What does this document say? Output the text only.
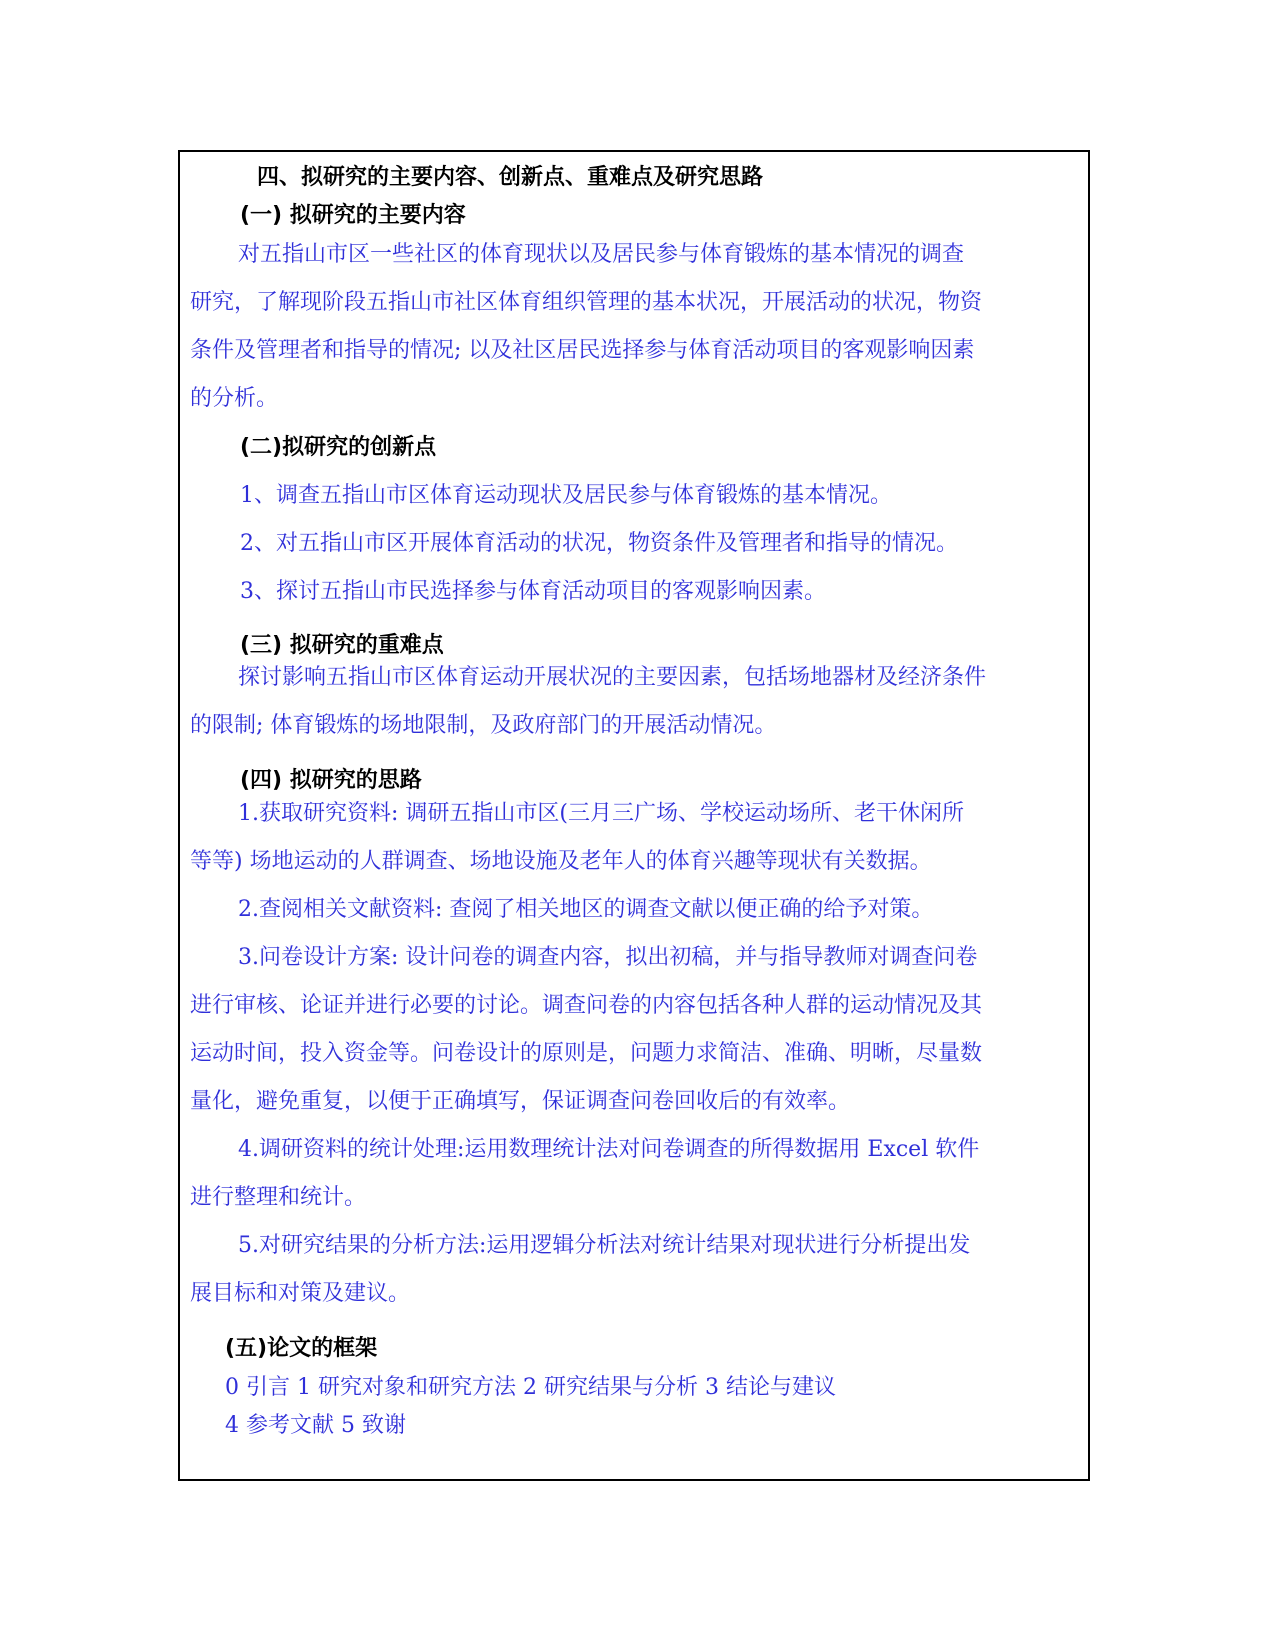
四、拟研究的主要内容、创新点、重难点及研究思路
(一) 拟研究的主要内容
对五指山市区一些社区的体育现状以及居民参与体育锻炼的基本情况的调查
研究，了解现阶段五指山市社区体育组织管理的基本状况，开展活动的状况，物资
条件及管理者和指导的情况; 以及社区居民选择参与体育活动项目的客观影响因素
的分析。
(二)拟研究的创新点
1、调查五指山市区体育运动现状及居民参与体育锻炼的基本情况。
2、对五指山市区开展体育活动的状况，物资条件及管理者和指导的情况。
3、探讨五指山市民选择参与体育活动项目的客观影响因素。
(三) 拟研究的重难点
探讨影响五指山市区体育运动开展状况的主要因素，包括场地器材及经济条件
的限制; 体育锻炼的场地限制，及政府部门的开展活动情况。
(四) 拟研究的思路
1.获取研究资料: 调研五指山市区(三月三广场、学校运动场所、老干休闲所
等等) 场地运动的人群调查、场地设施及老年人的体育兴趣等现状有关数据。
2.查阅相关文献资料: 查阅了相关地区的调查文献以便正确的给予对策。
3.问卷设计方案: 设计问卷的调查内容，拟出初稿，并与指导教师对调查问卷
进行审核、论证并进行必要的讨论。调查问卷的内容包括各种人群的运动情况及其
运动时间，投入资金等。问卷设计的原则是，问题力求简洁、准确、明晰，尽量数
量化，避免重复，以便于正确填写，保证调查问卷回收后的有效率。
4.调研资料的统计处理:运用数理统计法对问卷调查的所得数据用 Excel 软件
进行整理和统计。
5.对研究结果的分析方法:运用逻辑分析法对统计结果对现状进行分析提出发
展目标和对策及建议。
(五)论文的框架
0 引言 1 研究对象和研究方法 2 研究结果与分析 3 结论与建议
4 参考文献 5 致谢
